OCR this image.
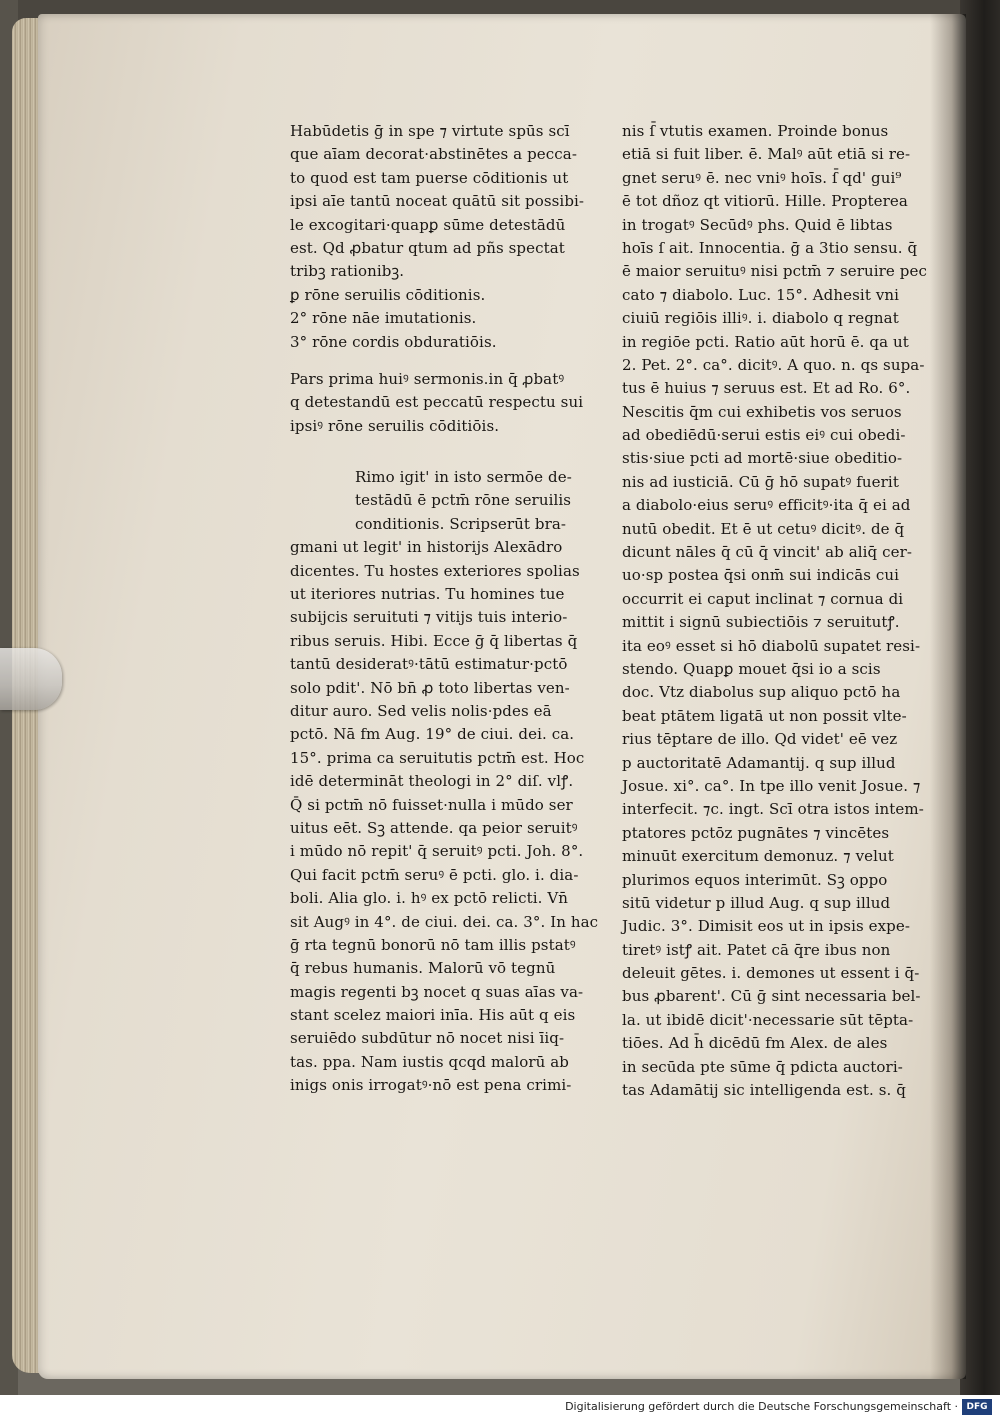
Habūdetis ḡ in spe ⁊ virtute spūs scī
que aīam decorat·abstinētes a pecca-
to quod est tam puerse cōditionis ut
ipsi aīe tantū noceat quātū sit possibi-
le excogitari·quapꝑ sūme detestādū
est. Qd ꝓbatur qtum ad pñs spectat
tribꝫ rationibꝫ.
ꝑ rōne seruilis cōditionis.
2° rōne nāe imutationis.
3° rōne cordis obduratiōis.
Pars prima huiꝰ sermonis.in q̄ ꝓbatꝰ
q detestandū est peccatū respectu sui
ipsiꝰ rōne seruilis cōditiōis.
Rimo igit' in isto sermōe de-
testādū ē pctm̄ rōne seruilis
conditionis. Scripserūt bra-
gmani ut legit' in historijs Alexādro
dicentes. Tu hostes exteriores spolias
ut iteriores nutrias. Tu homines tue
subijcis seruituti ⁊ vitijs tuis interio-
ribus seruis. Hibi. Ecce ḡ q̄ libertas q̄
tantū desideratꝰ·tātū estimatur·pctō
solo pdit'. Nō bn̄ ꝓ toto libertas ven-
ditur auro. Sed velis nolis·pdes eā
pctō. Nā fm Aug. 19° de ciui. dei. ca.
15°. prima ca seruitutis pctm̄ est. Hoc
idē determināt theologi in 2° diſ. vlꝭ.
Q̄ si pctm̄ nō fuisset·nulla i mūdo ser
uitus eēt. Sꝫ attende. qa peior seruitꝰ
i mūdo nō repit' q̄ seruitꝰ pcti. Joh. 8°.
Qui facit pctm̄ seruꝰ ē pcti. glo. i. dia-
boli. Alia glo. i. hꝰ ex pctō relicti. Vn̄
sit Augꝰ in 4°. de ciui. dei. ca. 3°. In hac
ḡ rta tegnū bonorū nō tam illis pstatꝰ
q̄ rebus humanis. Malorū vō tegnū
magis regenti bꝫ nocet q suas aīas va-
stant scelez maiori inīa. His aūt q eis
seruiēdo subdūtur nō nocet nisi īiq-
tas. ppa. Nam iustis qcqd malorū ab
inigs onis irrogatꝰ·nō est pena crimi-
nis ſ̄ vtutis examen. Proinde bonus
etiā si fuit liber. ē. Malꝰ aūt etiā si re-
gnet seruꝰ ē. nec vniꝰ hoīs. ſ̄ qd' gui⁹
ē tot dñoz qt vitiorū. Hille. Propterea
in trogatꝰ Secūdꝰ phs. Quid ē libtas
hoīs ſ ait. Innocentia. ḡ a 3tio sensu. q̄
ē maior seruituꝰ nisi pctm̄ ⁊ seruire pec
cato ⁊ diabolo. Luc. 15°. Adhesit vni
ciuiū regiōis illiꝰ. i. diabolo q regnat
in regiōe pcti. Ratio aūt horū ē. qa ut
2. Pet. 2°. ca°. dicitꝰ. A quo. n. qs supa-
tus ē huius ⁊ seruus est. Et ad Ro. 6°.
Nescitis q̄m cui exhibetis vos seruos
ad obediēdū·serui estis eiꝰ cui obedi-
stis·siue pcti ad mortē·siue obeditio-
nis ad iusticiā. Cū ḡ hō supatꝰ fuerit
a diabolo·eius seruꝰ efficitꝰ·ita q̄ ei ad
nutū obedit. Et ē ut cetuꝰ dicitꝰ. de q̄
dicunt nāles q̄ cū q̄ vincit' ab aliq̄ cer-
uo·sp postea q̄si onm̄ sui indicās cui
occurrit ei caput inclinat ⁊ cornua di
mittit i signū subiectiōis ⁊ seruitutꝭ.
ita eoꝰ esset si hō diabolū supatet resi-
stendo. Quapꝑ mouet q̄si io a scis
doc. Vtz diabolus sup aliquo pctō ha
beat ptātem ligatā ut non possit vlte-
rius tēptare de illo. Qd videt' eē vez
p auctoritatē Adamantij. q sup illud
Josue. xi°. ca°. In tpe illo venit Josue. ⁊
interfecit. ⁊c. ingt. Scī otra istos intem-
ptatores pctōz pugnātes ⁊ vincētes
minuūt exercitum demonuz. ⁊ velut
plurimos equos interimūt. Sꝫ oppo
sitū videtur p illud Aug. q sup illud
Judic. 3°. Dimisit eos ut in ipsis expe-
tiretꝰ istꝭ ait. Patet cā q̄re ibus non
deleuit gētes. i. demones ut essent i q̄-
bus ꝓbarent'. Cū ḡ sint necessaria bel-
la. ut ibidē dicit'·necessarie sūt tēpta-
tiōes. Ad h̄ dicēdū fm Alex. de ales
in secūda pte sūme q̄ pdicta auctori-
tas Adamātij sic intelligenda est. s. q̄
Digitalisierung gefördert durch die Deutsche Forschungsgemeinschaft · DFG
